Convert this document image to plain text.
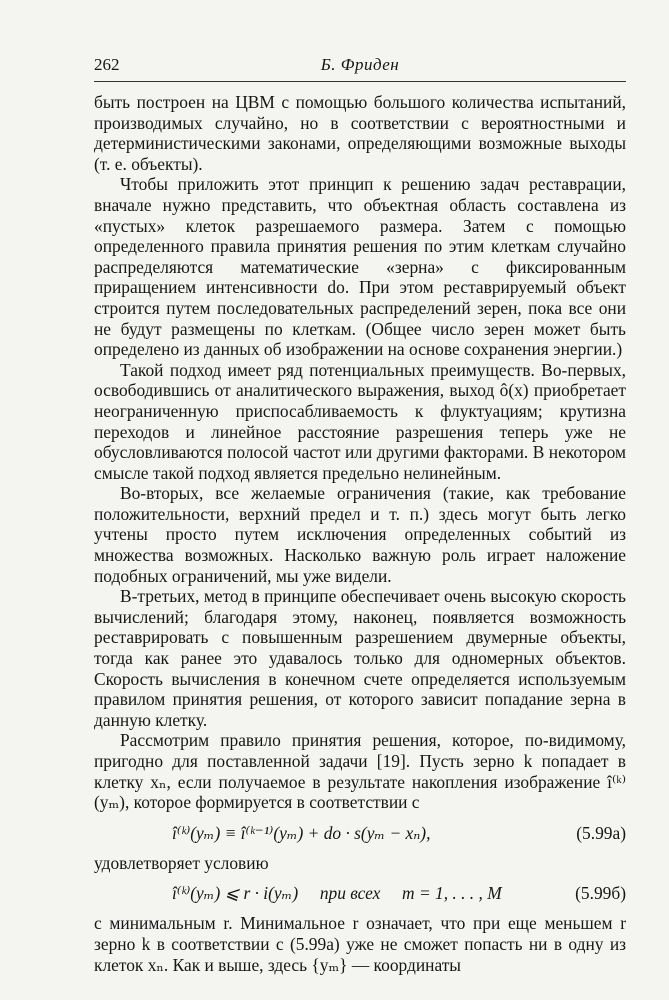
262	Б. Фриден

быть построен на ЦВМ с помощью большого количества испытаний, производимых случайно, но в соответствии с вероятностными и детерминистическими законами, определяющими возможные выходы (т. е. объекты).

Чтобы приложить этот принцип к решению задач реставрации, вначале нужно представить, что объектная область составлена из «пустых» клеток разрешаемого размера. Затем с помощью определенного правила принятия решения по этим клеткам случайно распределяются математические «зерна» с фиксированным приращением интенсивности do. При этом реставрируемый объект строится путем последовательных распределений зерен, пока все они не будут размещены по клеткам. (Общее число зерен может быть определено из данных об изображении на основе сохранения энергии.)

Такой подход имеет ряд потенциальных преимуществ. Во-первых, освободившись от аналитического выражения, выход ô(x) приобретает неограниченную приспосабливаемость к флуктуациям; крутизна переходов и линейное расстояние разрешения теперь уже не обусловливаются полосой частот или другими факторами. В некотором смысле такой подход является предельно нелинейным.

Во-вторых, все желаемые ограничения (такие, как требование положительности, верхний предел и т. п.) здесь могут быть легко учтены просто путем исключения определенных событий из множества возможных. Насколько важную роль играет наложение подобных ограничений, мы уже видели.

В-третьих, метод в принципе обеспечивает очень высокую скорость вычислений; благодаря этому, наконец, появляется возможность реставрировать с повышенным разрешением двумерные объекты, тогда как ранее это удавалось только для одномерных объектов. Скорость вычисления в конечном счете определяется используемым правилом принятия решения, от которого зависит попадание зерна в данную клетку.

Рассмотрим правило принятия решения, которое, по-видимому, пригодно для поставленной задачи [19]. Пусть зерно k попадает в клетку xₙ, если получаемое в результате накопления изображение î⁽ᵏ⁾(yₘ), которое формируется в соответствии с

î⁽ᵏ⁾(yₘ) ≡ î⁽ᵏ⁻¹⁾(yₘ) + do · s(yₘ − xₙ),	(5.99а)

удовлетворяет условию

î⁽ᵏ⁾(yₘ) ⩽ r · i(yₘ)     при всех     m = 1, . . . , M	(5.99б)

с минимальным r. Минимальное r означает, что при еще меньшем r зерно k в соответствии с (5.99а) уже не сможет попасть ни в одну из клеток xₙ. Как и выше, здесь {yₘ} — координаты
